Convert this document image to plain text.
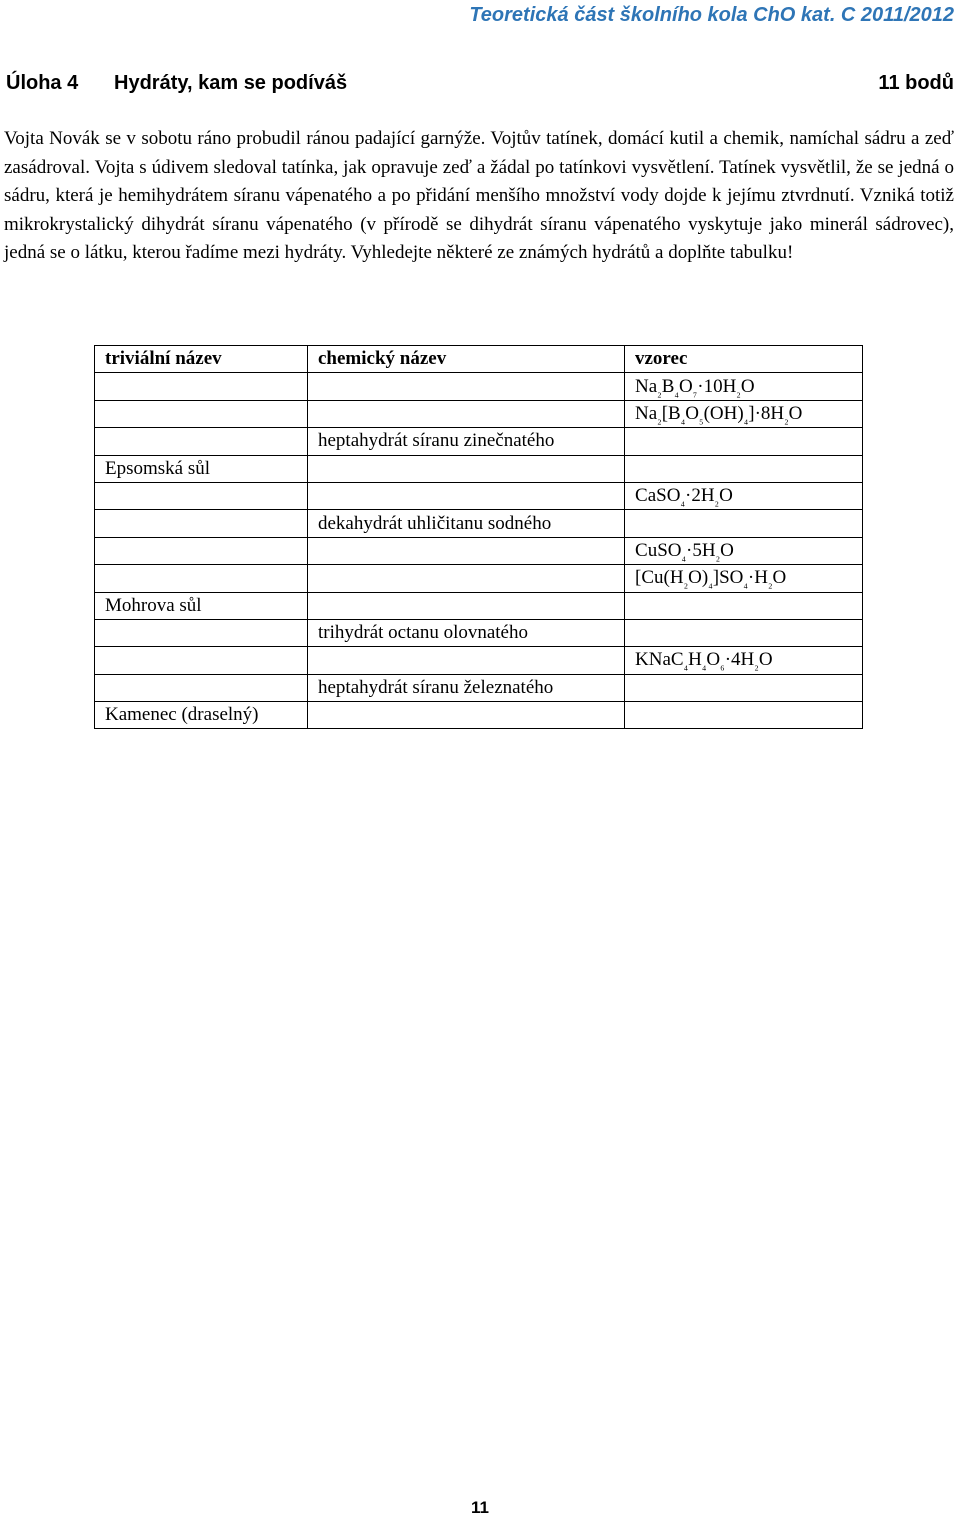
Teoretická část školního kola ChO kat. C 2011/2012
Úloha 4 Hydráty, kam se podíváš	11 bodů

Vojta Novák se v sobotu ráno probudil ránou padající garnýže. Vojtův tatínek, domácí kutil a chemik, namíchal sádru a zeď zasádroval. Vojta s údivem sledoval tatínka, jak opravuje zeď a žádal po tatínkovi vysvětlení. Tatínek vysvětlil, že se jedná o sádru, která je hemihydrátem síranu vápenatého a po přidání menšího množství vody dojde k jejímu ztvrdnutí. Vzniká totiž mikrokrystalický dihydrát síranu vápenatého (v přírodě se dihydrát síranu vápenatého vyskytuje jako minerál sádrovec), jedná se o látku, kterou řadíme mezi hydráty. Vyhledejte některé ze známých hydrátů a doplňte tabulku!

triviální název	chemický název	vzorec
		$Na_{_2}B_{_4}O_{_7}\cdot 10H_{_2}O$
		$Na_{_2}[B_{_4}O_{_5}(OH)_{_4}]\cdot 8H_{_2}O$
	heptahydrát síranu zinečnatého	
Epsomská sůl		
		$CaSO_{_4}\cdot 2H_{_2}O$
	dekahydrát uhličitanu sodného	
		$CuSO_{_4}\cdot 5H_{_2}O$
		$[Cu(H_{_2}O)_{_4}]SO_{_4}\cdot H_{_2}O$
Mohrova sůl		
	trihydrát octanu olovnatého	
		$KNaC_{_4}H_{_4}O_{_6}\cdot 4H_{_2}O$
	heptahydrát síranu železnatého	
Kamenec (draselný)		
11
